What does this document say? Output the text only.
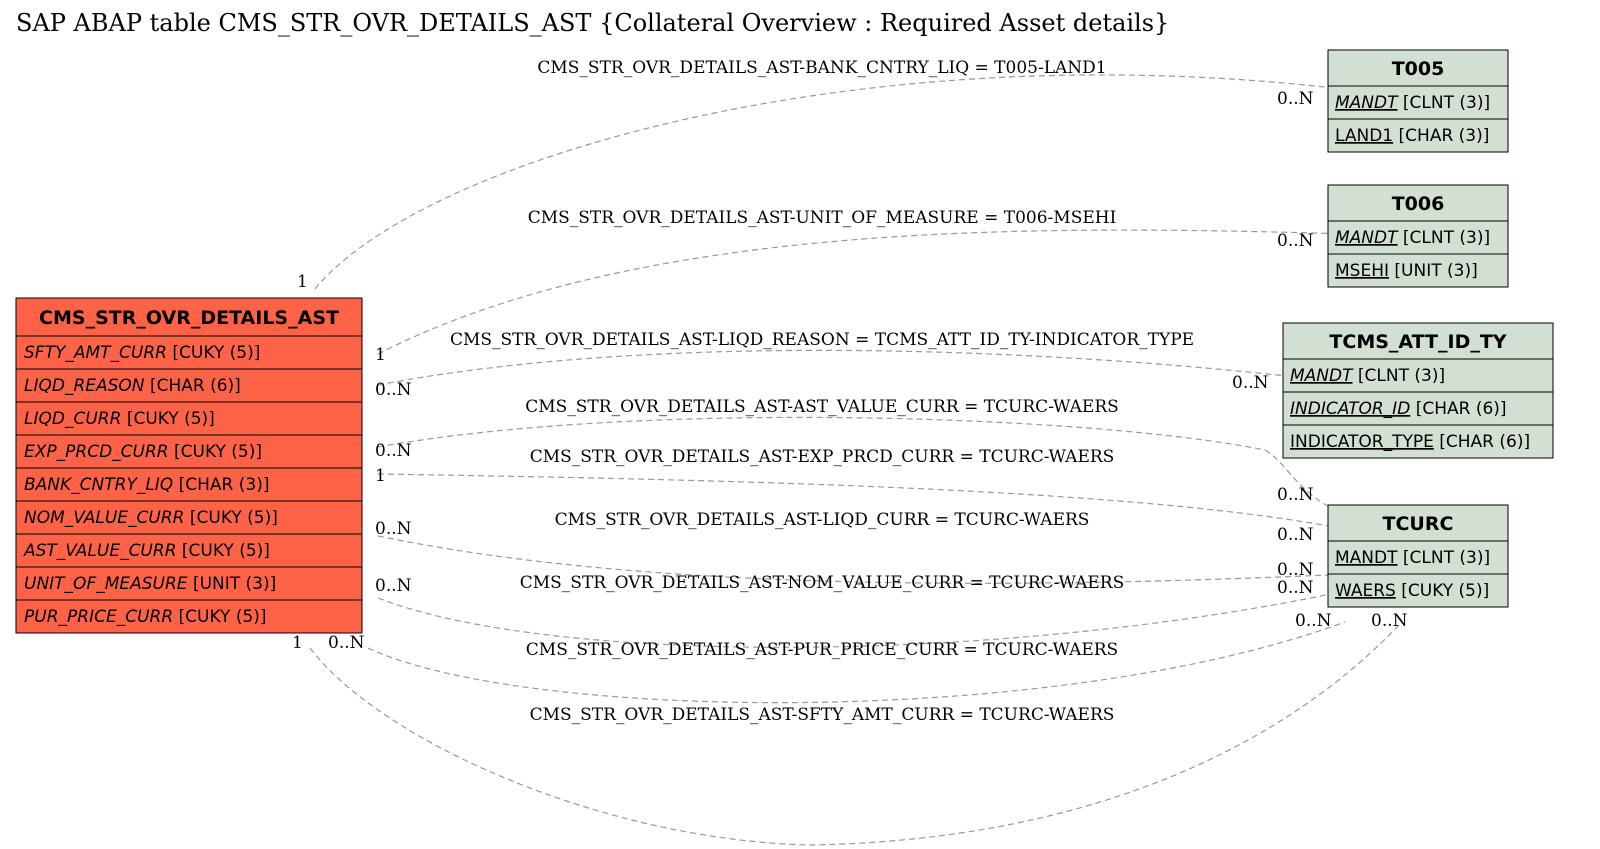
SAP ABAP table CMS_STR_OVR_DETAILS_AST {Collateral Overview : Required Asset details}
CMS_STR_OVR_DETAILS_AST-BANK_CNTRY_LIQ = T005-LAND1
CMS_STR_OVR_DETAILS_AST-UNIT_OF_MEASURE = T006-MSEHI
CMS_STR_OVR_DETAILS_AST-LIQD_REASON = TCMS_ATT_ID_TY-INDICATOR_TYPE
CMS_STR_OVR_DETAILS_AST-AST_VALUE_CURR = TCURC-WAERS
CMS_STR_OVR_DETAILS_AST-EXP_PRCD_CURR = TCURC-WAERS
CMS_STR_OVR_DETAILS_AST-LIQD_CURR = TCURC-WAERS
CMS_STR_OVR_DETAILS_AST-NOM_VALUE_CURR = TCURC-WAERS
CMS_STR_OVR_DETAILS_AST-PUR_PRICE_CURR = TCURC-WAERS
CMS_STR_OVR_DETAILS_AST-SFTY_AMT_CURR = TCURC-WAERS
1
0..N
1
0..N
0..N	0..N
0..N
0..N
1
0..N
0..N
0..N
0..N	0..N
0..N
0..N
1
0..N
CMS_STR_OVR_DETAILS_AST
SFTY_AMT_CURR [CUKY (5)]
LIQD_REASON [CHAR (6)]
LIQD_CURR [CUKY (5)]
EXP_PRCD_CURR [CUKY (5)]
BANK_CNTRY_LIQ [CHAR (3)]
NOM_VALUE_CURR [CUKY (5)]
AST_VALUE_CURR [CUKY (5)]
UNIT_OF_MEASURE [UNIT (3)]
PUR_PRICE_CURR [CUKY (5)]
T005
MANDT [CLNT (3)]
LAND1 [CHAR (3)]
T006
MANDT [CLNT (3)]
MSEHI [UNIT (3)]
TCMS_ATT_ID_TY
MANDT [CLNT (3)]
INDICATOR_ID [CHAR (6)]
INDICATOR_TYPE [CHAR (6)]
TCURC
MANDT [CLNT (3)]
WAERS [CUKY (5)]
